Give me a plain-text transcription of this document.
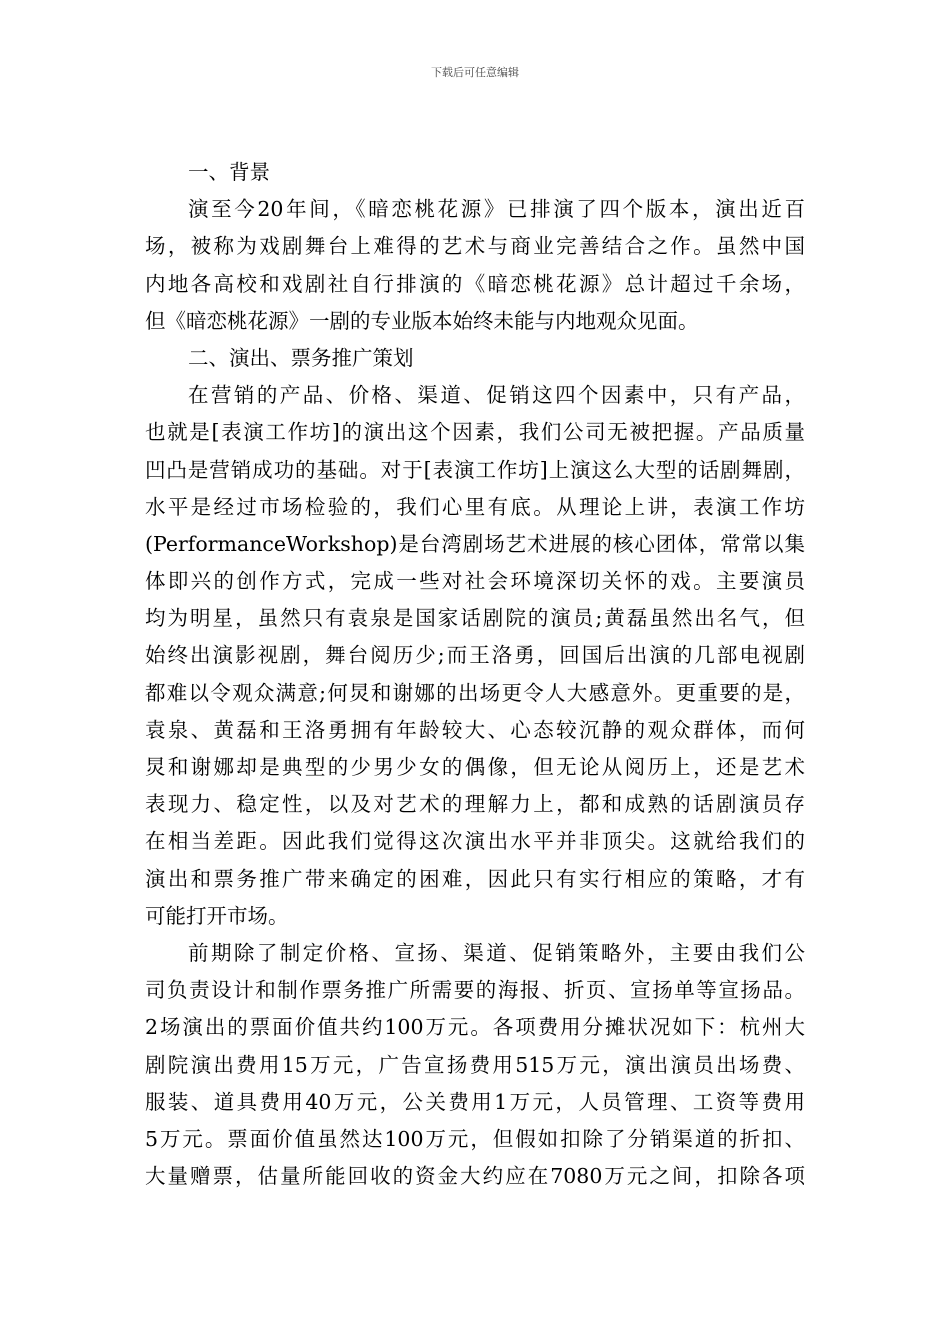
下载后可任意编辑
一、背景
演至今20年间，《暗恋桃花源》已排演了四个版本，演出近百
场，被称为戏剧舞台上难得的艺术与商业完善结合之作。虽然中国
内地各高校和戏剧社自行排演的《暗恋桃花源》总计超过千余场，
但《暗恋桃花源》一剧的专业版本始终未能与内地观众见面。
二、演出、票务推广策划
在营销的产品、价格、渠道、促销这四个因素中，只有产品，
也就是[表演工作坊]的演出这个因素，我们公司无被把握。产品质量
凹凸是营销成功的基础。对于[表演工作坊]上演这么大型的话剧舞剧，
水平是经过市场检验的，我们心里有底。从理论上讲，表演工作坊
(PerformanceWorkshop)是台湾剧场艺术进展的核心团体，常常以集
体即兴的创作方式，完成一些对社会环境深切关怀的戏。主要演员
均为明星，虽然只有袁泉是国家话剧院的演员;黄磊虽然出名气，但
始终出演影视剧，舞台阅历少;而王洛勇，回国后出演的几部电视剧
都难以令观众满意;何炅和谢娜的出场更令人大感意外。更重要的是，
袁泉、黄磊和王洛勇拥有年龄较大、心态较沉静的观众群体，而何
炅和谢娜却是典型的少男少女的偶像，但无论从阅历上，还是艺术
表现力、稳定性，以及对艺术的理解力上，都和成熟的话剧演员存
在相当差距。因此我们觉得这次演出水平并非顶尖。这就给我们的
演出和票务推广带来确定的困难，因此只有实行相应的策略，才有
可能打开市场。
前期除了制定价格、宣扬、渠道、促销策略外，主要由我们公
司负责设计和制作票务推广所需要的海报、折页、宣扬单等宣扬品。
2场演出的票面价值共约100万元。各项费用分摊状况如下：杭州大
剧院演出费用15万元，广告宣扬费用515万元，演出演员出场费、
服装、道具费用40万元，公关费用1万元，人员管理、工资等费用
5万元。票面价值虽然达100万元，但假如扣除了分销渠道的折扣、
大量赠票，估量所能回收的资金大约应在7080万元之间，扣除各项
